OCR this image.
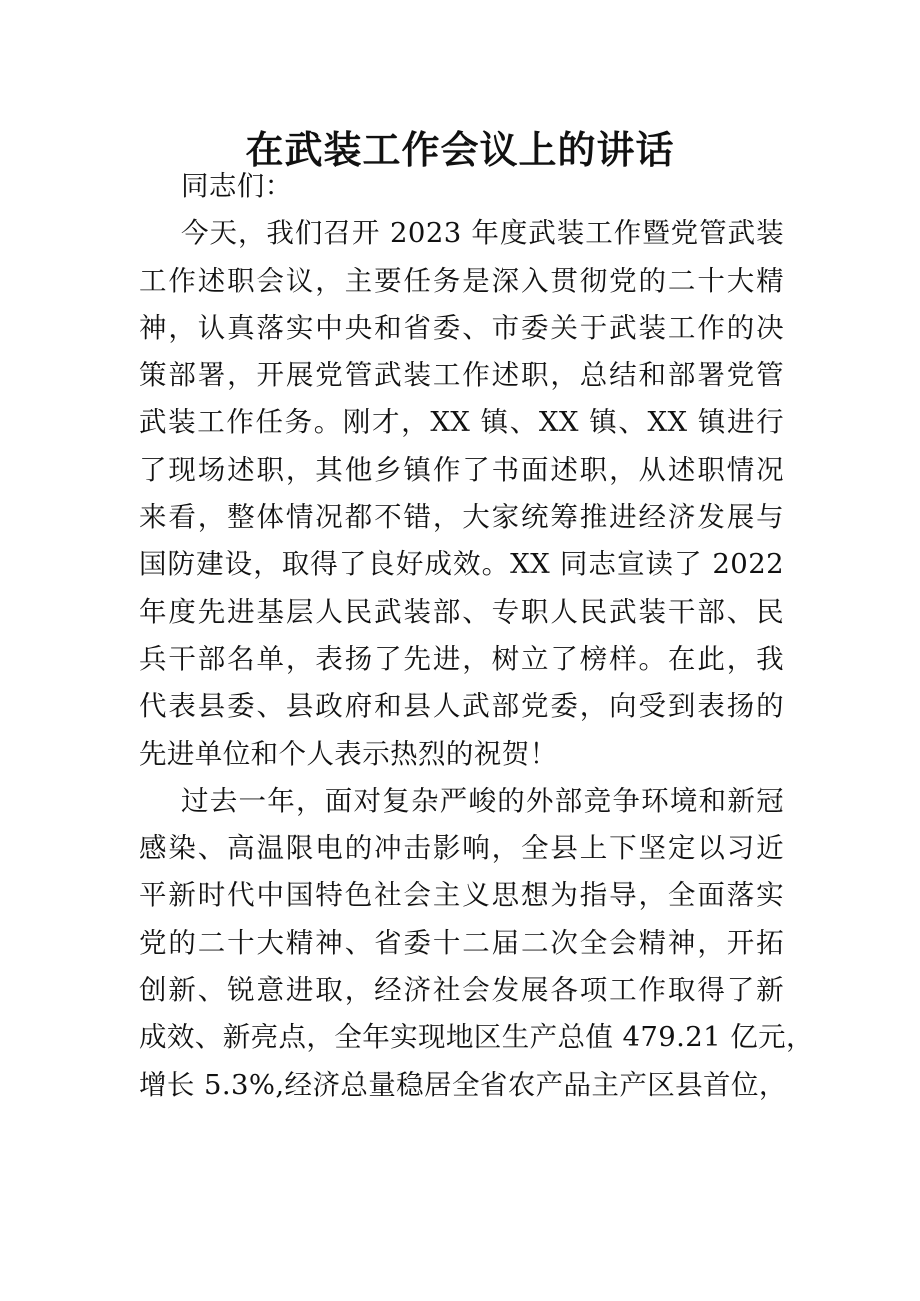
在武装工作会议上的讲话
同志们：
今天，我们召开 2023 年度武装工作暨党管武装
工作述职会议，主要任务是深入贯彻党的二十大精
神，认真落实中央和省委、市委关于武装工作的决
策部署，开展党管武装工作述职，总结和部署党管
武装工作任务。刚才，XX 镇、XX 镇、XX 镇进行
了现场述职，其他乡镇作了书面述职，从述职情况
来看，整体情况都不错，大家统筹推进经济发展与
国防建设，取得了良好成效。XX 同志宣读了 2022
年度先进基层人民武装部、专职人民武装干部、民
兵干部名单，表扬了先进，树立了榜样。在此，我
代表县委、县政府和县人武部党委，向受到表扬的
先进单位和个人表示热烈的祝贺！
过去一年，面对复杂严峻的外部竞争环境和新冠
感染、高温限电的冲击影响，全县上下坚定以习近
平新时代中国特色社会主义思想为指导，全面落实
党的二十大精神、省委十二届二次全会精神，开拓
创新、锐意进取，经济社会发展各项工作取得了新
成效、新亮点，全年实现地区生产总值 479.21 亿元，
增长 5.3%,经济总量稳居全省农产品主产区县首位，
